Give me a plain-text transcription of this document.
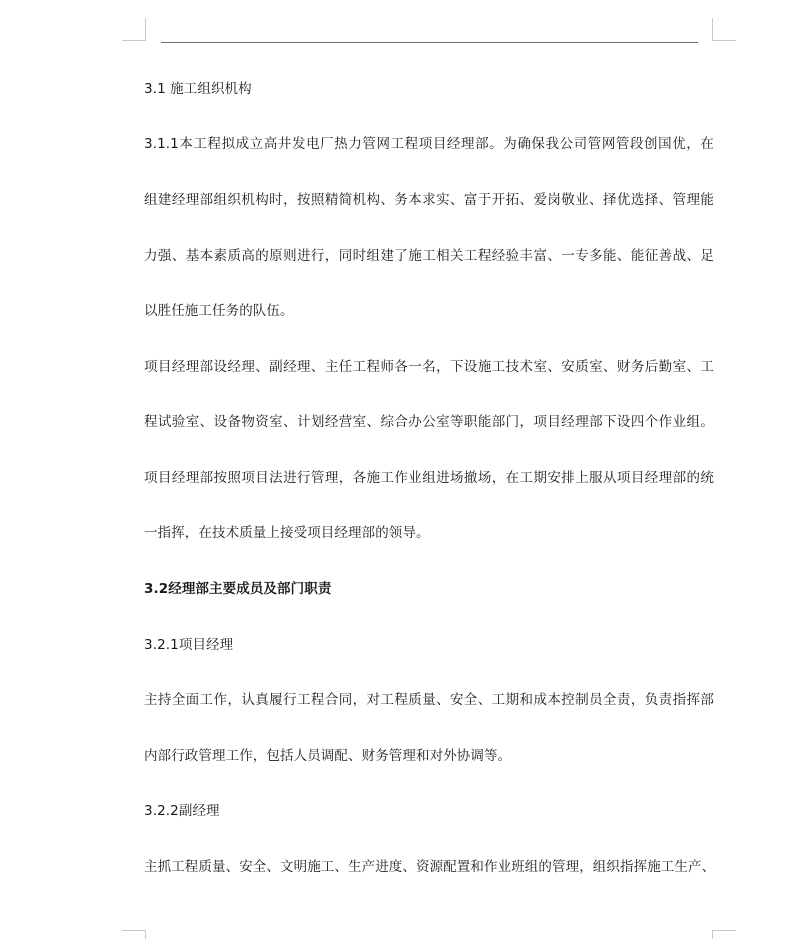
3.1 施工组织机构
3.1.1本工程拟成立高井发电厂热力管网工程项目经理部。为确保我公司管网管段创国优，在
组建经理部组织机构时，按照精简机构、务本求实、富于开拓、爱岗敬业、择优选择、管理能
力强、基本素质高的原则进行，同时组建了施工相关工程经验丰富、一专多能、能征善战、足
以胜任施工任务的队伍。
项目经理部设经理、副经理、主任工程师各一名，下设施工技术室、安质室、财务后勤室、工
程试验室、设备物资室、计划经营室、综合办公室等职能部门，项目经理部下设四个作业组。
项目经理部按照项目法进行管理，各施工作业组进场撤场，在工期安排上服从项目经理部的统
一指挥，在技术质量上接受项目经理部的领导。
3.2经理部主要成员及部门职责
3.2.1项目经理
主持全面工作，认真履行工程合同，对工程质量、安全、工期和成本控制员全责，负责指挥部
内部行政管理工作，包括人员调配、财务管理和对外协调等。
3.2.2副经理
主抓工程质量、安全、文明施工、生产进度、资源配置和作业班组的管理，组织指挥施工生产、
